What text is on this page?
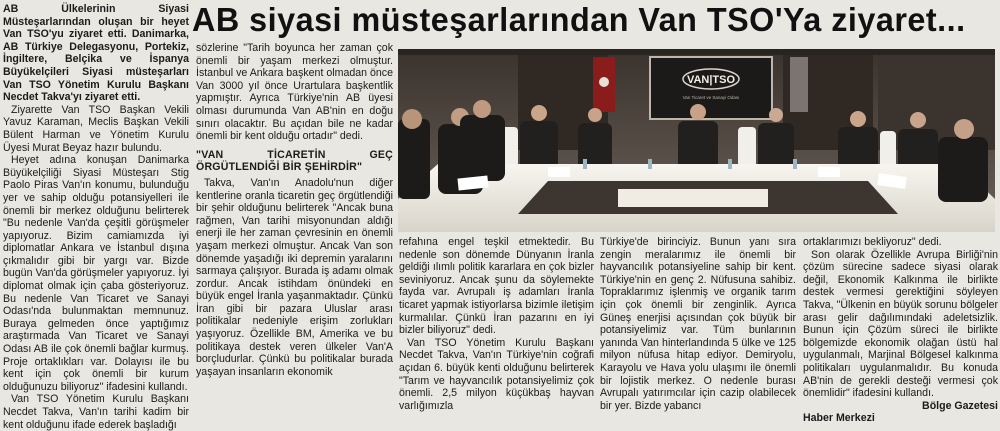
AB siyasi müsteşarlarından Van TSO'Ya ziyaret...
VAN|TSO
Van Ticaret ve Sanayi Odası

AB Ülkelerinin Siyasi Müsteşarlarından oluşan bir heyet Van TSO'yu ziyaret etti. Danimarka, AB Türkiye Delegasyonu, Portekiz, İngiltere, Belçika ve İspanya Büyükelçileri Siyasi müsteşarları Van TSO Yönetim Kurulu Başkanı Necdet Takva'yı ziyaret etti.

Ziyarette Van TSO Başkan Vekili Yavuz Karaman, Meclis Başkan Vekili Bülent Harman ve Yönetim Kurulu Üyesi Murat Beyaz hazır bulundu.

Heyet adına konuşan Danimarka Büyükelçiliği Siyasi Müsteşarı Stig Paolo Piras Van'ın konumu, bulunduğu yer ve sahip olduğu potansiyelleri ile önemli bir merkez olduğunu belirterek "Bu nedenle Van'da çeşitli görüşmeler yapıyoruz. Bizim camiamızda iyi diplomatlar Ankara ve İstanbul dışına çıkmalıdır gibi bir yargı var. Bizde bugün Van'da görüşmeler yapıyoruz. İyi diplomat olmak için çaba gösteriyoruz. Bu nedenle Van Ticaret ve Sanayi Odası'nda bulunmaktan memnunuz. Buraya gelmeden önce yaptığımız araştırmada Van Ticaret ve Sanayi Odası AB ile çok önemli bağlar kurmuş. Proje ortaklıkları var. Dolayısı ile bu kent için çok önemli bir kurum olduğunuzu biliyoruz" ifadesini kullandı.

Van TSO Yönetim Kurulu Başkanı Necdet Takva, Van'ın tarihi kadim bir kent olduğunu ifade ederek başladığı

sözlerine "Tarih boyunca her zaman çok önemli bir yaşam merkezi olmuştur. İstanbul ve Ankara başkent olmadan önce Van 3000 yıl önce Urartulara başkentlik yapmıştır. Ayrıca Türkiye'nin AB üyesi olması durumunda Van AB'nin en doğu sınırı olacaktır. Bu açıdan bile ne kadar önemli bir kent olduğu ortadır" dedi.

"VAN TİCARETİN GEÇ ÖRGÜTLENDİĞİ BİR ŞEHİRDİR"

Takva, Van'ın Anadolu'nun diğer kentlerine oranla ticaretin geç örgütlendiği bir şehir olduğunu belirterek "Ancak buna rağmen, Van tarihi misyonundan aldığı enerji ile her zaman çevresinin en önemli yaşam merkezi olmuştur. Ancak Van son dönemde yaşadığı iki depremin yaralarını sarmaya çalışıyor. Burada iş adamı olmak zordur. Ancak istihdam önündeki en büyük engel İranla yaşanmaktadır. Çünkü İran gibi bir pazara Uluslar arası politikalar nedeniyle erişim zorlukları yaşıyoruz. Özellikle BM, Amerika ve bu politikaya destek veren ülkeler Van'A borçludurlar. Çünkü bu politikalar burada yaşayan insanların ekonomik

refahına engel teşkil etmektedir. Bu nedenle son dönemde Dünyanın İranla geldiği ılımlı politik kararlara en çok bizler seviniyoruz. Ancak şunu da söylemekte fayda var. Avrupalı iş adamları İranla ticaret yapmak istiyorlarsa bizimle iletişim kurmalılar. Çünkü İran pazarını en iyi bizler biliyoruz" dedi.

Van TSO Yönetim Kurulu Başkanı Necdet Takva, Van'ın Türkiye'nin coğrafi açıdan 6. büyük kenti olduğunu belirterek "Tarım ve hayvancılık potansiyelimiz çok önemli. 2,5 milyon küçükbaş hayvan varlığımızla

Türkiye'de birinciyiz. Bunun yanı sıra zengin meralarımız ile önemli bir hayvancılık potansiyeline sahip bir kent. Türkiye'nin en genç 2. Nüfusuna sahibiz. Topraklarımız işlenmiş ve organik tarım için çok önemli bir zenginlik. Ayrıca Güneş enerjisi açısından çok büyük bir potansiyelimiz var. Tüm bunlarının yanında Van hinterlandında 5 ülke ve 125 milyon nüfusa hitap ediyor. Demiryolu, Karayolu ve Hava yolu ulaşımı ile önemli bir lojistik merkez. O nedenle burası Avrupalı yatırımcılar için cazip olabilecek bir yer. Bizde yabancı

ortaklarımızı bekliyoruz" dedi.

Son olarak Özellikle Avrupa Birliği'nin çözüm sürecine sadece siyasi olarak değil, Ekonomik Kalkınma ile birlikte destek vermesi gerektiğini söyleyen Takva, "Ülkenin en büyük sorunu bölgeler arası gelir dağılımındaki adeletsizlik. Bunun için Çözüm süreci ile birlikte bölgemizde ekonomik olağan üstü hal uygulanmalı, Marjinal Bölgesel kalkınma politikaları uygulanmalıdır. Bu konuda AB'nin de gerekli desteği vermesi çok önemlidir" ifadesini kullandı.

Bölge Gazetesi

Haber Merkezi
